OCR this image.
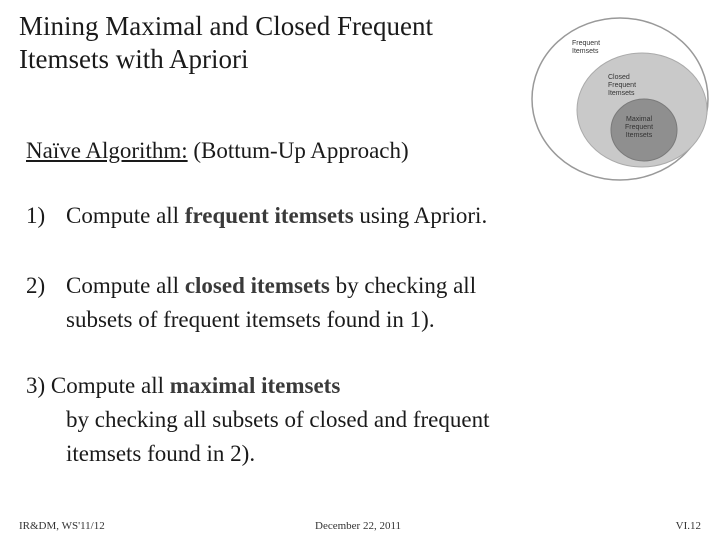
Mining Maximal and Closed Frequent
Itemsets with Apriori
Frequent
Itemsets
Closed
Frequent
Itemsets
Maximal
Frequent
Itemsets
Naïve Algorithm: (Bottum-Up Approach)
1) Compute all frequent itemsets using Apriori.
2) Compute all closed itemsets by checking all
subsets of frequent itemsets found in 1).
3) Compute all maximal itemsets
by checking all subsets of closed and frequent
itemsets found in 2).
IR&DM, WS'11/12	December 22, 2011	VI.12
